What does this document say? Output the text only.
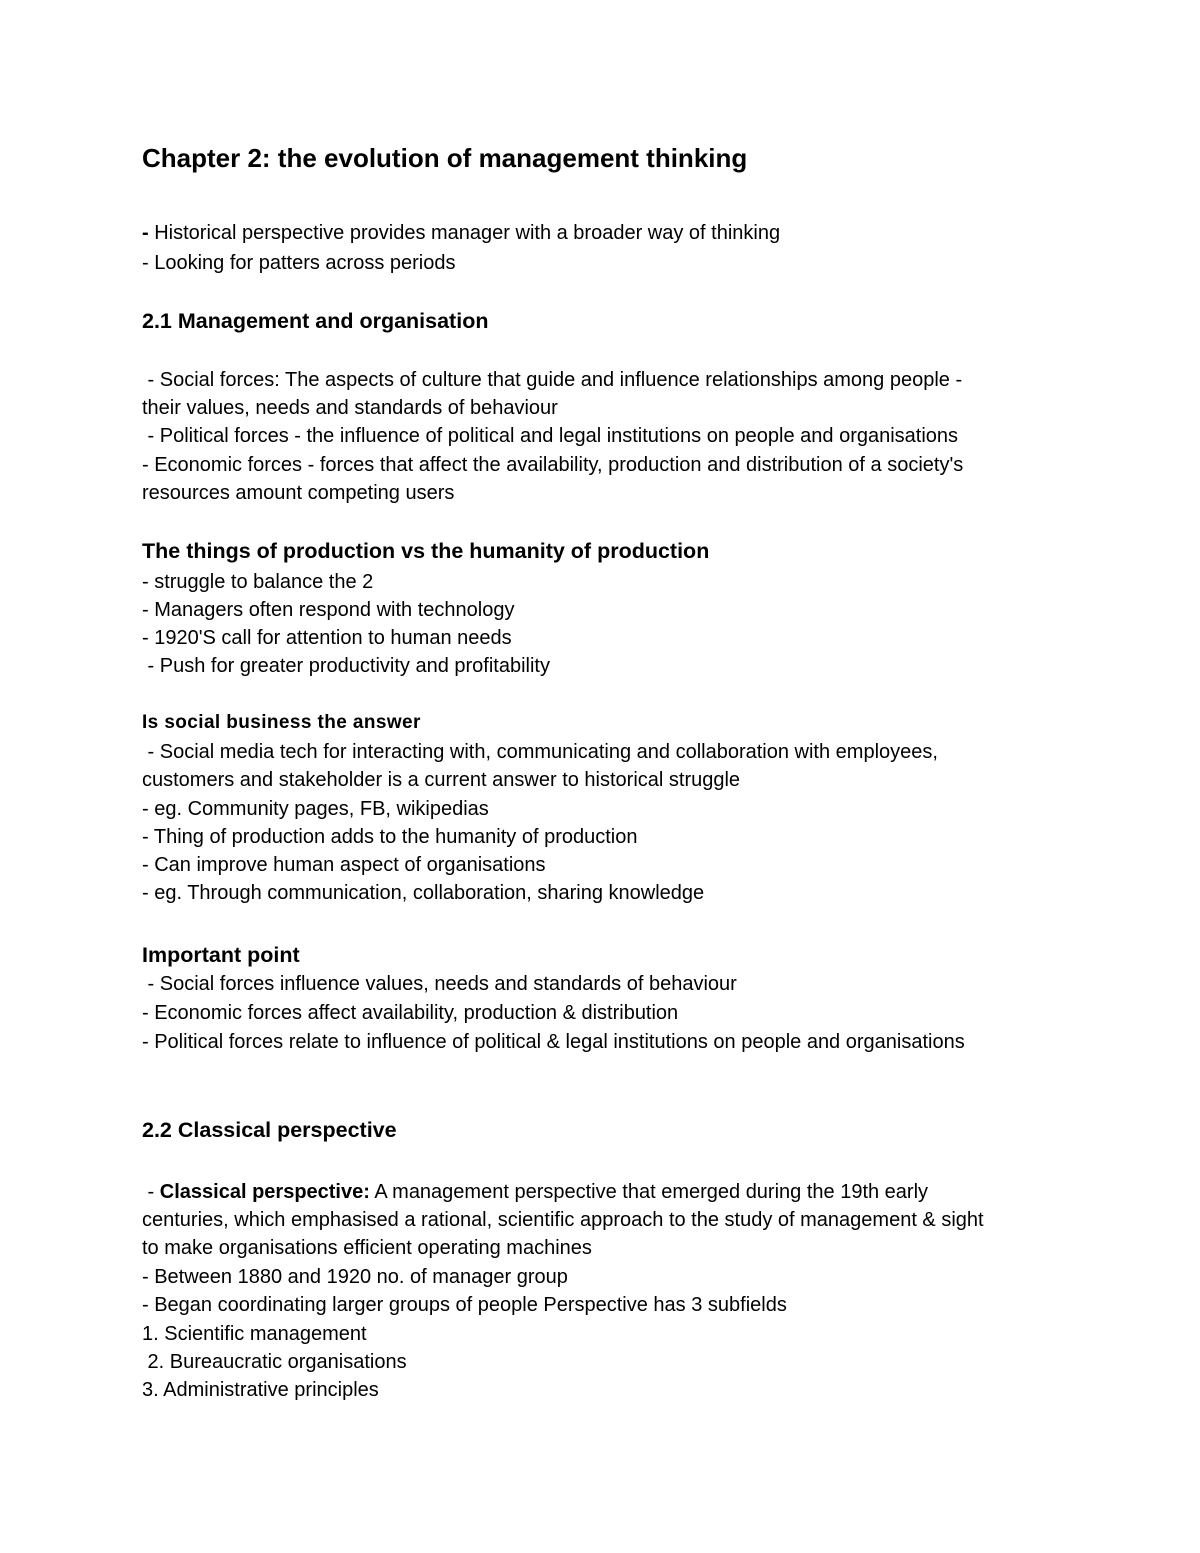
Chapter 2: the evolution of management thinking
- Historical perspective provides manager with a broader way of thinking
- Looking for patters across periods
2.1 Management and organisation
- Social forces: The aspects of culture that guide and influence relationships among people -
their values, needs and standards of behaviour
- Political forces - the influence of political and legal institutions on people and organisations
- Economic forces - forces that affect the availability, production and distribution of a society's
resources amount competing users
The things of production vs the humanity of production
- struggle to balance the 2
- Managers often respond with technology
- 1920'S call for attention to human needs
- Push for greater productivity and profitability
Is social business the answer
- Social media tech for interacting with, communicating and collaboration with employees,
customers and stakeholder is a current answer to historical struggle
- eg. Community pages, FB, wikipedias
- Thing of production adds to the humanity of production
- Can improve human aspect of organisations
- eg. Through communication, collaboration, sharing knowledge
Important point
- Social forces influence values, needs and standards of behaviour
- Economic forces affect availability, production & distribution
- Political forces relate to influence of political & legal institutions on people and organisations
2.2 Classical perspective
- Classical perspective: A management perspective that emerged during the 19th early
centuries, which emphasised a rational, scientific approach to the study of management & sight
to make organisations efficient operating machines
- Between 1880 and 1920 no. of manager group
- Began coordinating larger groups of people Perspective has 3 subfields
1. Scientific management
2. Bureaucratic organisations
3. Administrative principles
